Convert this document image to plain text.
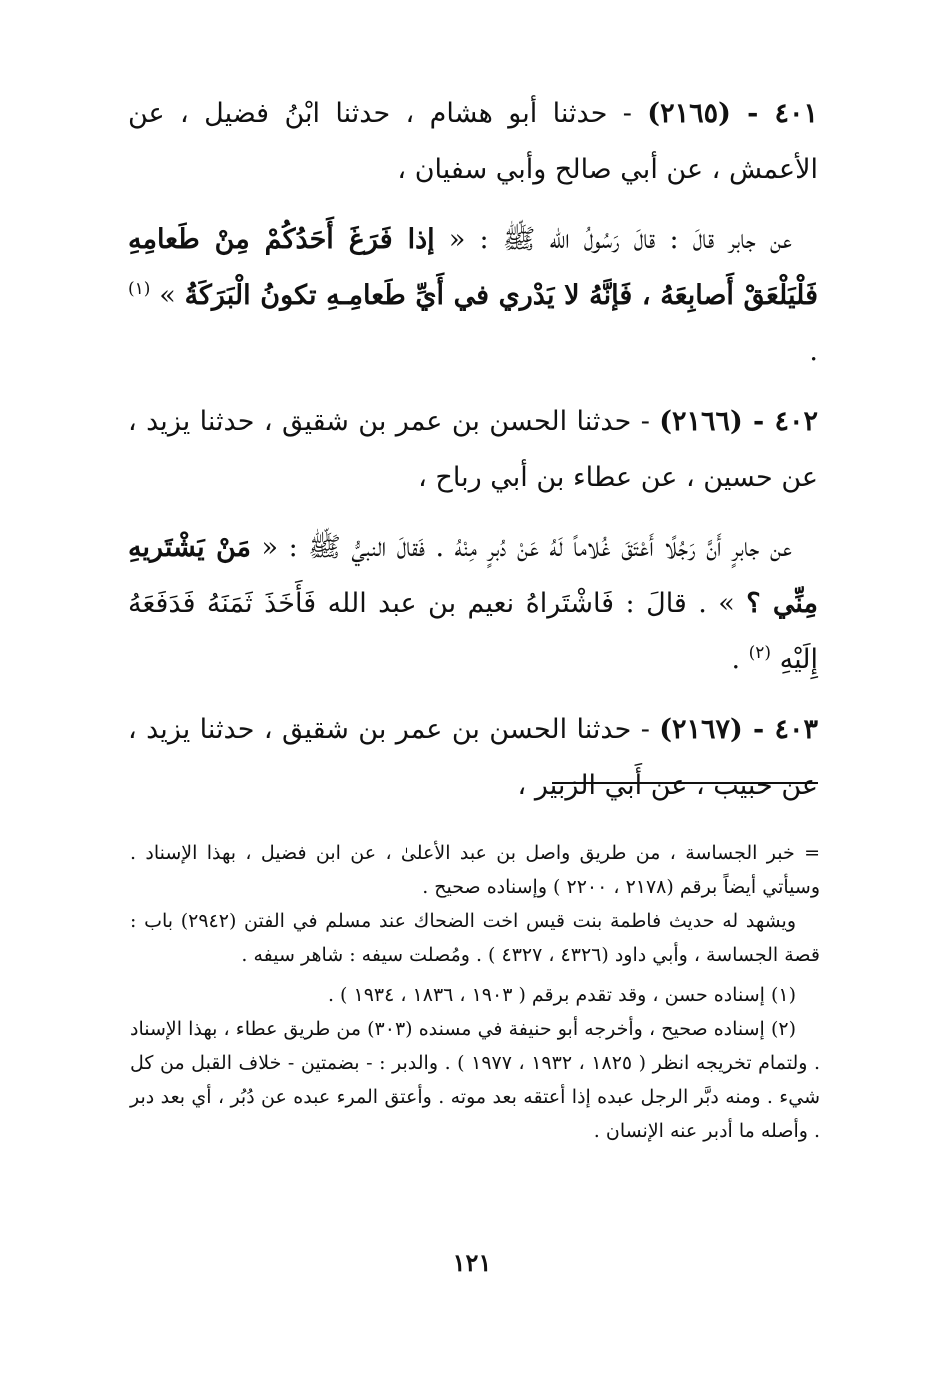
٤٠١ - (٢١٦٥) - حدثنا أبو هشام ، حدثنا ابْنُ فضيل ، عن الأعمش ، عن أبي صالح وأبي سفيان ،

عن جابر قالَ : قالَ رَسُولُ الله ﷺ : « إذا فَرَغَ أَحَدُكُمْ مِنْ طَعامِهِ فَلْيَلْعَقْ أَصابِعَهُ ، فَإنَّهُ لا يَدْري في أَيِّ طَعامِـهِ تكونُ الْبَرَكَةُ » $^{(١)}$ .

٤٠٢ - (٢١٦٦) - حدثنا الحسن بن عمر بن شقيق ، حدثنا يزيد ، عن حسين ، عن عطاء بن أبي رباح ،

عن جابرٍ أَنَّ رَجُلًا أَعْتَقَ غُلاماً لَهُ عَنْ دُبرٍ مِنْهُ . فَقالَ النبيُّ ﷺ : « مَنْ يَشْتَريهِ مِنِّي ؟ » . قالَ : فَاشْتَراهُ نعيم بن عبد الله فَأَخَذَ ثَمَنَهُ فَدَفَعَهُ إِلَيْهِ $^{(٢)}$ .

٤٠٣ - (٢١٦٧) - حدثنا الحسن بن عمر بن شقيق ، حدثنا يزيد ، عن حبيب ، عن أَبي الزبير ،

= خبر الجساسة ، من طريق واصل بن عبد الأعلىٰ ، عن ابن فضيل ، بهذا الإسناد . وسيأتي أيضاً برقم (٢١٧٨ ، ٢٢٠٠ ) وإسناده صحيح .

ويشهد له حديث فاطمة بنت قيس اخت الضحاك عند مسلم في الفتن (٢٩٤٢) باب : قصة الجساسة ، وأبي داود (٤٣٢٦ ، ٤٣٢٧ ) . ومُصلت سيفه : شاهر سيفه .

(١) إسناده حسن ، وقد تقدم برقم ( ١٩٠٣ ، ١٨٣٦ ، ١٩٣٤ ) .

(٢) إسناده صحيح ، وأخرجه أبو حنيفة في مسنده (٣٠٣) من طريق عطاء ، بهذا الإسناد . ولتمام تخريجه انظر ( ١٨٢٥ ، ١٩٣٢ ، ١٩٧٧ ) . والدبر : - بضمتين - خلاف القبل من كل شيء . ومنه دبَّر الرجل عبده إذا أعتقه بعد موته . وأعتق المرء عبده عن دُبُر ، أي بعد دبر . وأصله ما أدبر عنه الإنسان .

١٢١
